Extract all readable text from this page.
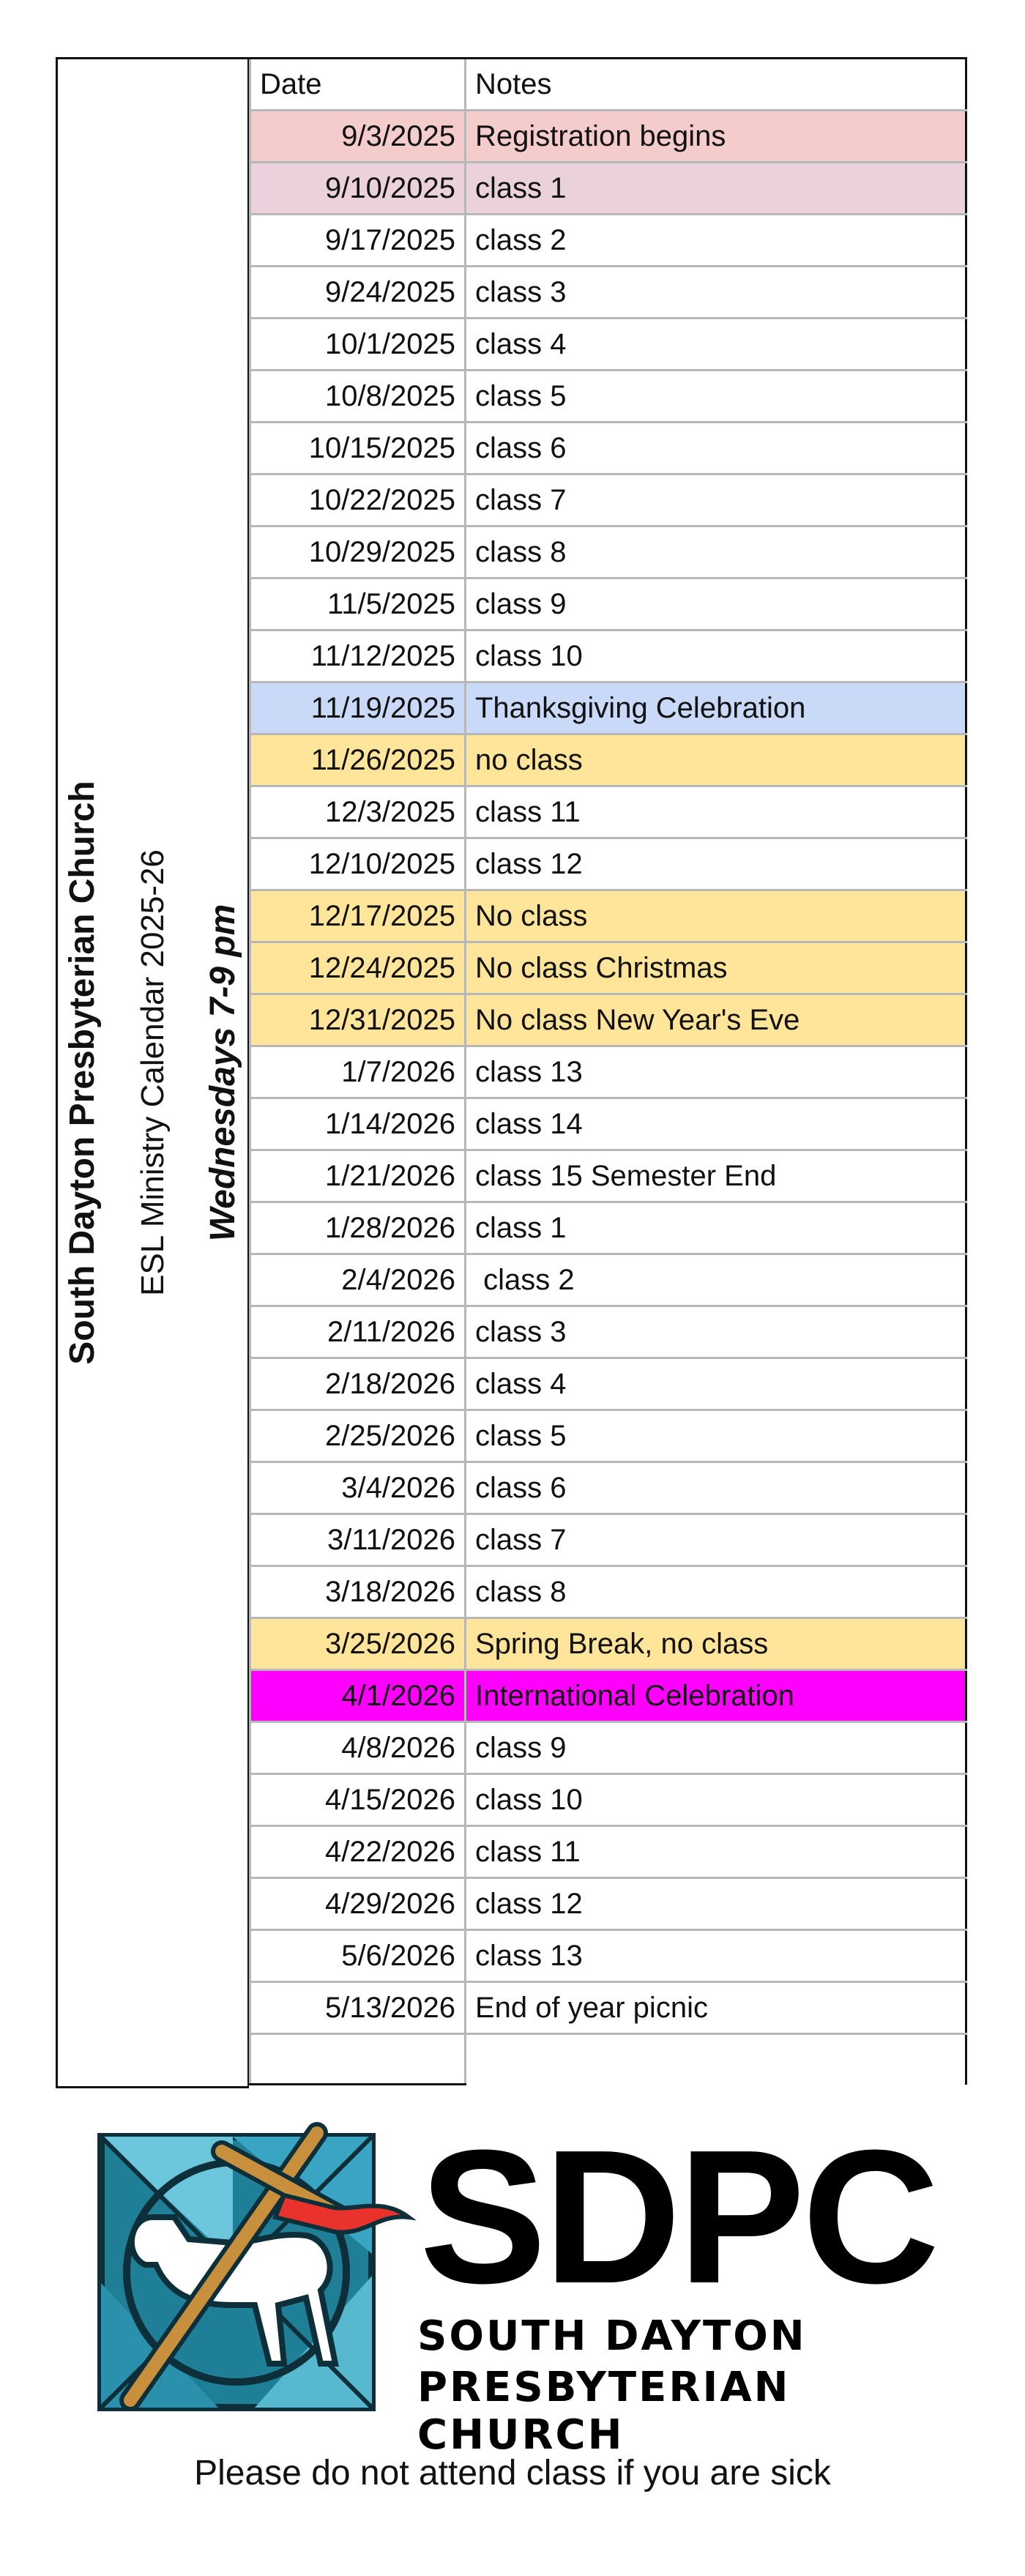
South Dayton Presbyterian Church	ESL Ministry Calendar 2025-26 Wednesdays 7-9 pm
Date	Notes
9/3/2025	Registration begins
9/10/2025	class 1
9/17/2025	class 2
9/24/2025	class 3
10/1/2025	class 4
10/8/2025	class 5
10/15/2025	class 6
10/22/2025	class 7
10/29/2025	class 8
11/5/2025	class 9
11/12/2025	class 10
11/19/2025	Thanksgiving Celebration
11/26/2025	no class
12/3/2025	class 11
12/10/2025	class 12
12/17/2025	No class
12/24/2025	No class Christmas
12/31/2025	No class New Year's Eve
1/7/2026	class 13
1/14/2026	class 14
1/21/2026	class 15 Semester End
1/28/2026	class 1
2/4/2026	class 2
2/11/2026	class 3
2/18/2026	class 4
2/25/2026	class 5
3/4/2026	class 6
3/11/2026	class 7
3/18/2026	class 8
3/25/2026	Spring Break, no class
4/1/2026	International Celebration
4/8/2026	class 9
4/15/2026	class 10
4/22/2026	class 11
4/29/2026	class 12
5/6/2026	class 13
5/13/2026	End of year picnic

SDPC
SOUTH DAYTON
PRESBYTERIAN CHURCH
Please do not attend class if you are sick
